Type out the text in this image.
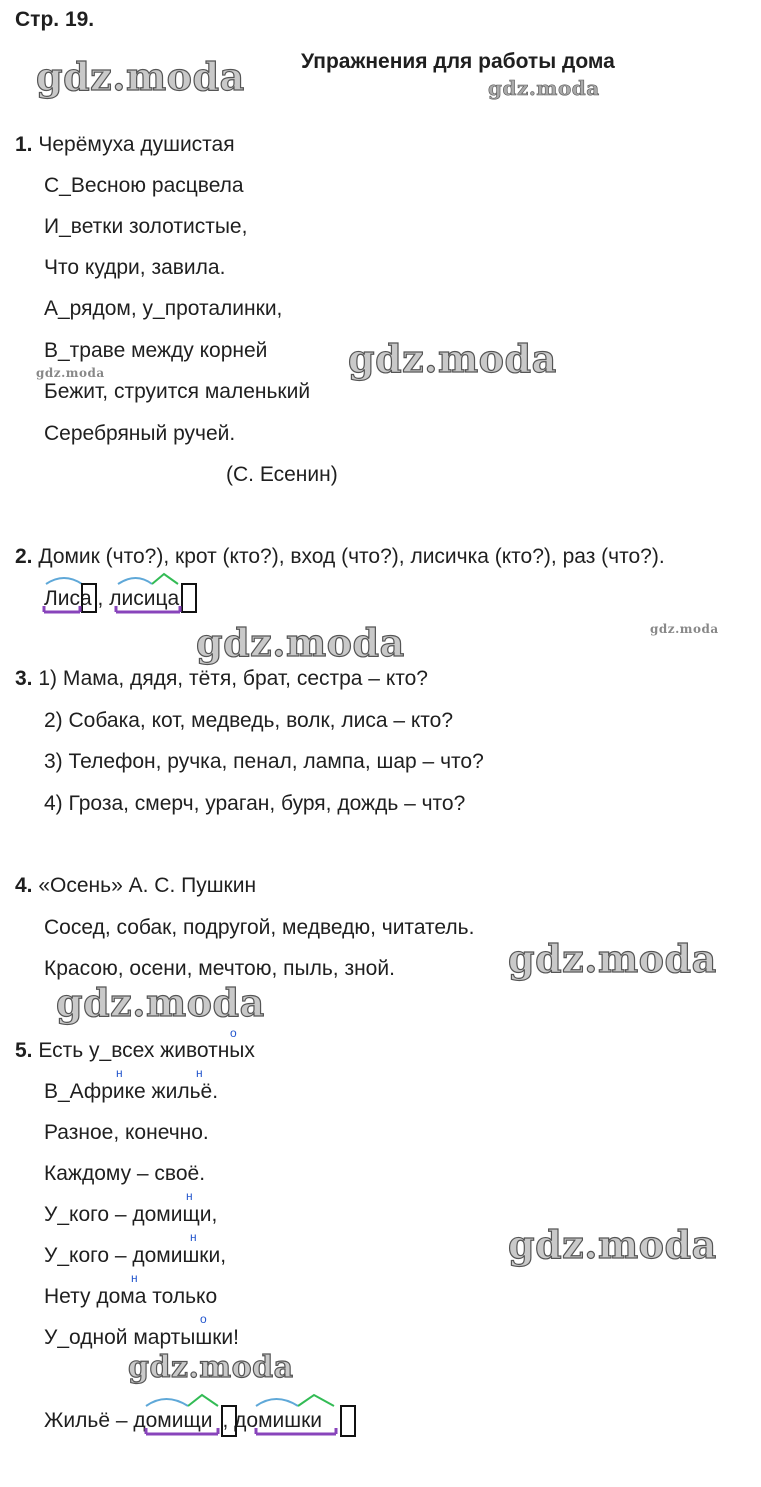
Стр. 19.
Упражнения для работы дома
gdz.moda	gdz.moda
gdz.moda
gdz.moda
gdz.moda	gdz.moda
gdz.moda
gdz.moda
gdz.moda
gdz.moda
1. Черёмуха душистая
С_Весною расцвела
И_ветки золотистые,
Что кудри, завила.
А_рядом, у_проталинки,
В_траве между корней
Бежит, струится маленький
Серебряный ручей.
(С. Есенин)
2. Домик (что?), крот (кто?), вход (что?), лисичка (кто?), раз (что?).
Лиса , лисица
3. 1) Мама, дядя, тётя, брат, сестра – кто?
2) Собака, кот, медведь, волк, лиса – кто?
3) Телефон, ручка, пенал, лампа, шар – что?
4) Гроза, смерч, ураган, буря, дождь – что?
4. «Осень» А. С. Пушкин
Сосед, собак, подругой, медведю, читатель.
Красою, осени, мечтою, пыль, зной.
о
5. Есть у_всех животных
н	н
В_Африке жильё.
Разное, конечно.
Каждому – своё.
н
У_кого – домищи,
н
У_кого – домишки,
н
Нету дома только
о
У_одной мартышки!
Жильё – домищи , домишки
